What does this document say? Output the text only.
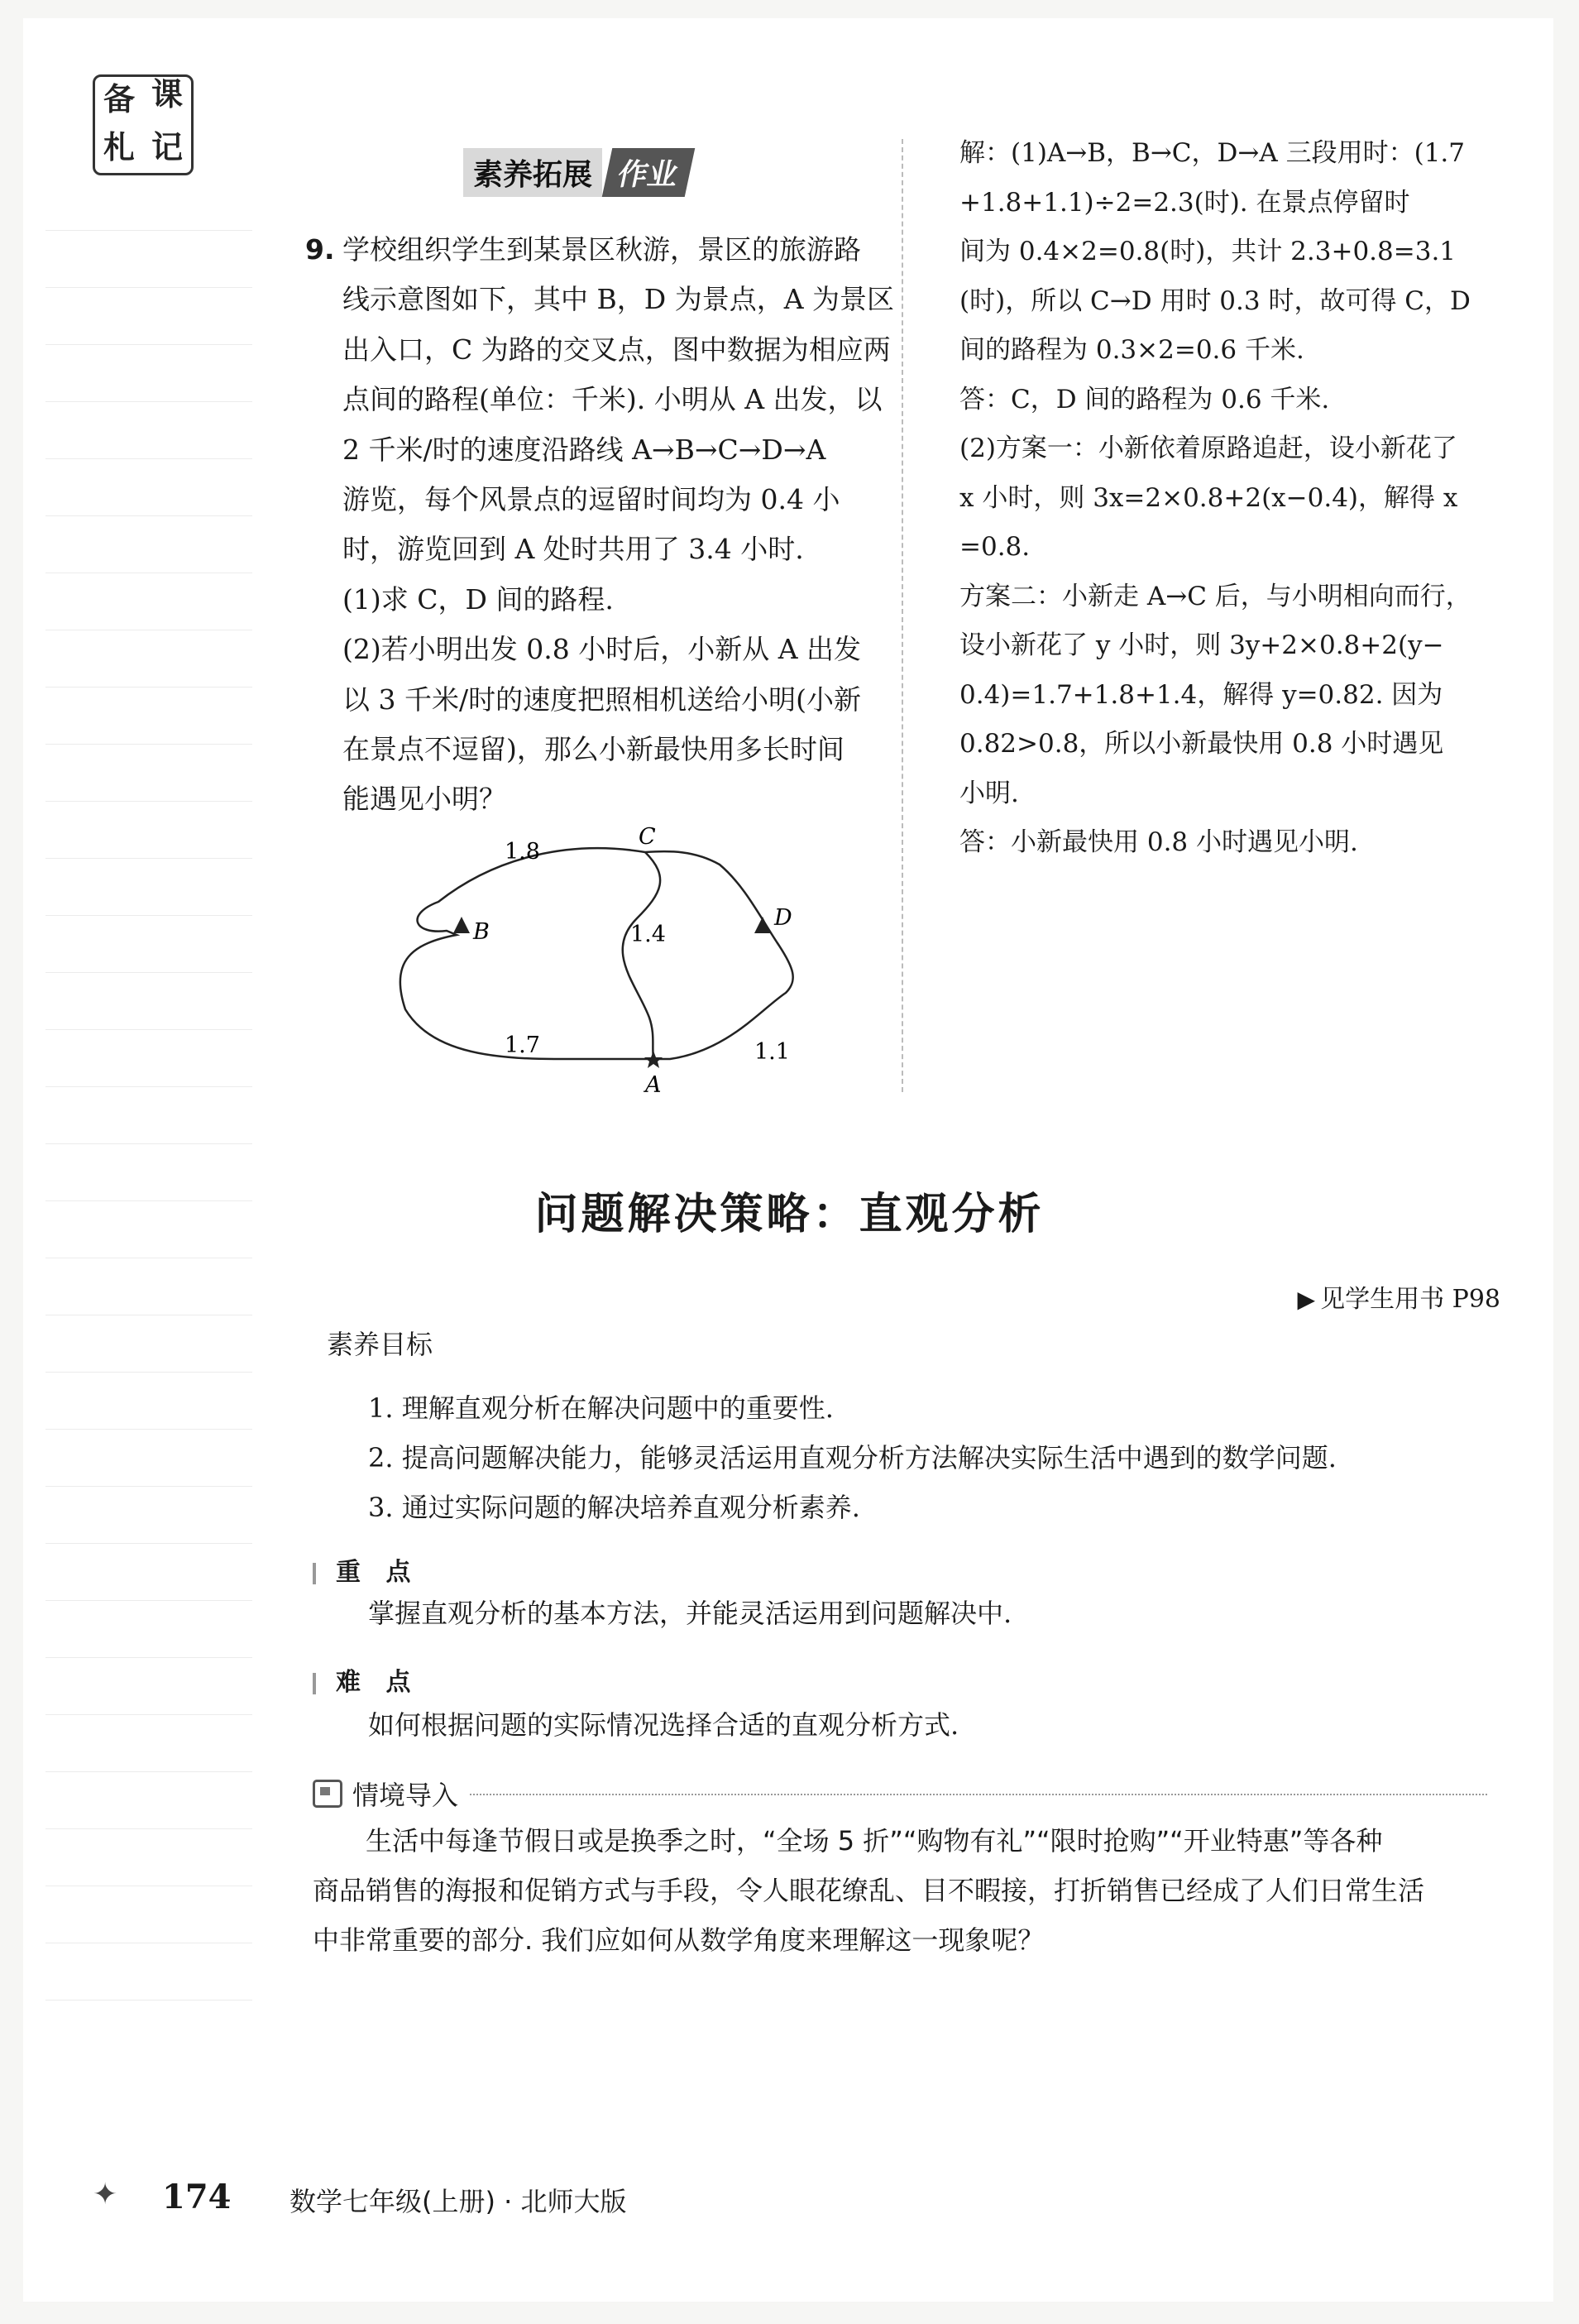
备 课
札 记
素养拓展 作业
9. 学校组织学生到某景区秋游，景区的旅游路
线示意图如下，其中 B，D 为景点，A 为景区
出入口，C 为路的交叉点，图中数据为相应两
点间的路程(单位：千米). 小明从 A 出发，以
2 千米/时的速度沿路线 A→B→C→D→A
游览，每个风景点的逗留时间均为 0.4 小
时，游览回到 A 处时共用了 3.4 小时.
(1)求 C，D 间的路程.
(2)若小明出发 0.8 小时后，小新从 A 出发
以 3 千米/时的速度把照相机送给小明(小新
在景点不逗留)，那么小新最快用多长时间
能遇见小明？
C
B
D
A
1.8
1.4
1.7	1.1
解：(1)A→B，B→C，D→A 三段用时：(1.7
+1.8+1.1)÷2=2.3(时). 在景点停留时
间为 0.4×2=0.8(时)，共计 2.3+0.8=3.1
(时)，所以 C→D 用时 0.3 时，故可得 C，D
间的路程为 0.3×2=0.6 千米.
答：C，D 间的路程为 0.6 千米.
(2)方案一：小新依着原路追赶，设小新花了
x 小时，则 3x=2×0.8+2(x−0.4)，解得 x
=0.8.
方案二：小新走 A→C 后，与小明相向而行，
设小新花了 y 小时，则 3y+2×0.8+2(y−
0.4)=1.7+1.8+1.4，解得 y=0.82. 因为
0.82>0.8，所以小新最快用 0.8 小时遇见
小明.
答：小新最快用 0.8 小时遇见小明.
问题解决策略：直观分析
▶ 见学生用书 P98
素养目标
1. 理解直观分析在解决问题中的重要性.
2. 提高问题解决能力，能够灵活运用直观分析方法解决实际生活中遇到的数学问题.
3. 通过实际问题的解决培养直观分析素养.
重 点
掌握直观分析的基本方法，并能灵活运用到问题解决中.
难 点
如何根据问题的实际情况选择合适的直观分析方式.
情境导入
生活中每逢节假日或是换季之时，“全场 5 折”“购物有礼”“限时抢购”“开业特惠”等各种
商品销售的海报和促销方式与手段，令人眼花缭乱、目不暇接，打折销售已经成了人们日常生活
中非常重要的部分. 我们应如何从数学角度来理解这一现象呢？
✦ 174 数学七年级(上册) · 北师大版
